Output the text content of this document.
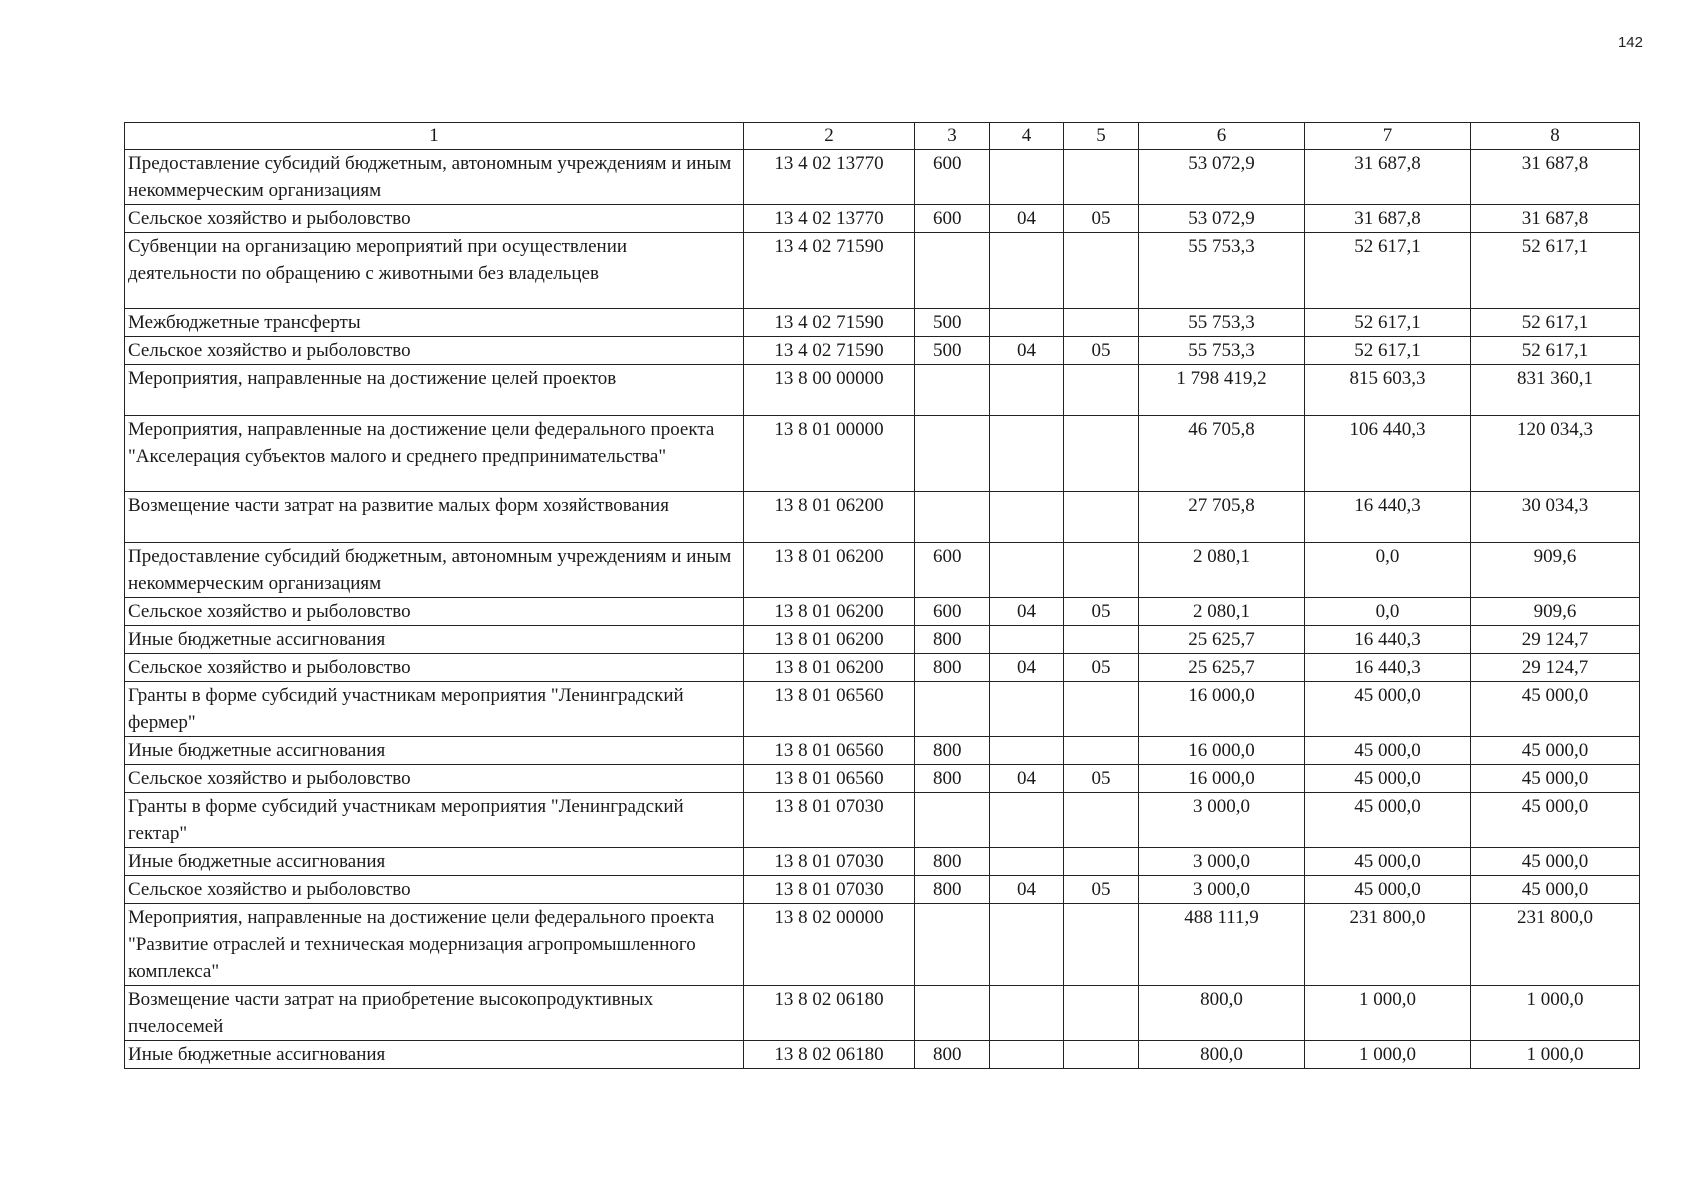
142
1	2	3	4	5	6	7	8
Предоставление субсидий бюджетным, автономным учреждениям и иным некоммерческим организациям	13 4 02 13770	600			53 072,9	31 687,8	31 687,8
Сельское хозяйство и рыболовство	13 4 02 13770	600	04	05	53 072,9	31 687,8	31 687,8
Субвенции на организацию мероприятий при осуществлении деятельности по обращению с животными без владельцев	13 4 02 71590				55 753,3	52 617,1	52 617,1
Межбюджетные трансферты	13 4 02 71590	500			55 753,3	52 617,1	52 617,1
Сельское хозяйство и рыболовство	13 4 02 71590	500	04	05	55 753,3	52 617,1	52 617,1
Мероприятия, направленные на достижение целей проектов	13 8 00 00000				1 798 419,2	815 603,3	831 360,1
Мероприятия, направленные на достижение цели федерального проекта "Акселерация субъектов малого и среднего предпринимательства"	13 8 01 00000				46 705,8	106 440,3	120 034,3
Возмещение части затрат на развитие малых форм хозяйствования	13 8 01 06200				27 705,8	16 440,3	30 034,3
Предоставление субсидий бюджетным, автономным учреждениям и иным некоммерческим организациям	13 8 01 06200	600			2 080,1	0,0	909,6
Сельское хозяйство и рыболовство	13 8 01 06200	600	04	05	2 080,1	0,0	909,6
Иные бюджетные ассигнования	13 8 01 06200	800			25 625,7	16 440,3	29 124,7
Сельское хозяйство и рыболовство	13 8 01 06200	800	04	05	25 625,7	16 440,3	29 124,7
Гранты в форме субсидий участникам мероприятия "Ленинградский фермер"	13 8 01 06560				16 000,0	45 000,0	45 000,0
Иные бюджетные ассигнования	13 8 01 06560	800			16 000,0	45 000,0	45 000,0
Сельское хозяйство и рыболовство	13 8 01 06560	800	04	05	16 000,0	45 000,0	45 000,0
Гранты в форме субсидий участникам мероприятия "Ленинградский гектар"	13 8 01 07030				3 000,0	45 000,0	45 000,0
Иные бюджетные ассигнования	13 8 01 07030	800			3 000,0	45 000,0	45 000,0
Сельское хозяйство и рыболовство	13 8 01 07030	800	04	05	3 000,0	45 000,0	45 000,0
Мероприятия, направленные на достижение цели федерального проекта "Развитие отраслей и техническая модернизация агропромышленного комплекса"	13 8 02 00000				488 111,9	231 800,0	231 800,0
Возмещение части затрат на приобретение высокопродуктивных пчелосемей	13 8 02 06180				800,0	1 000,0	1 000,0
Иные бюджетные ассигнования	13 8 02 06180	800			800,0	1 000,0	1 000,0
